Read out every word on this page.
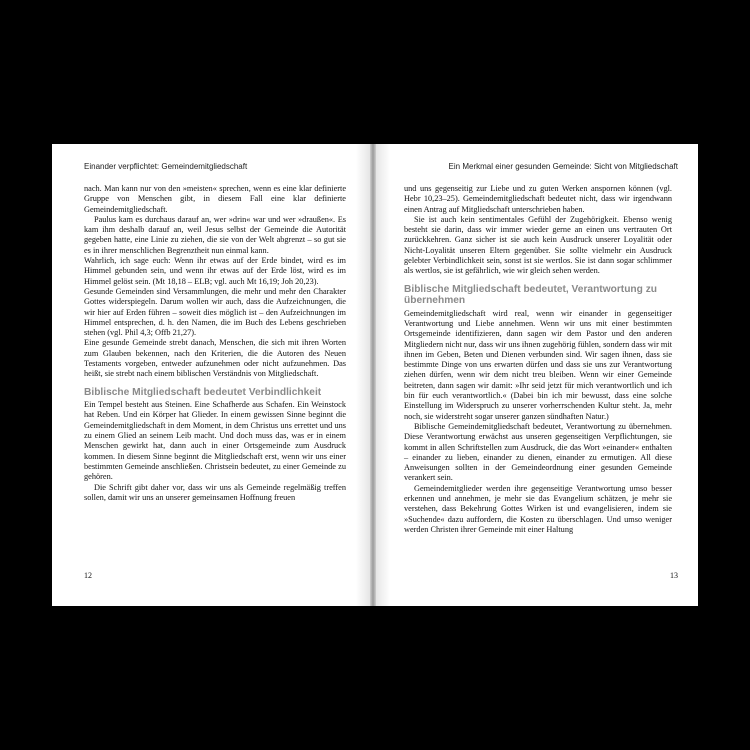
Einander verpflichtet: Gemeindemitgliedschaft

nach. Man kann nur von den »meisten« sprechen, wenn es eine klar definierte Gruppe von Menschen gibt, in diesem Fall eine klar definierte Gemeindemitgliedschaft.

Paulus kam es durchaus darauf an, wer »drin« war und wer »draußen«. Es kam ihm deshalb darauf an, weil Jesus selbst der Gemeinde die Autorität gegeben hatte, eine Linie zu ziehen, die sie von der Welt abgrenzt – so gut sie es in ihrer menschlichen Begrenztheit nun einmal kann.

Wahrlich, ich sage euch: Wenn ihr etwas auf der Erde bindet, wird es im Himmel gebunden sein, und wenn ihr etwas auf der Erde löst, wird es im Himmel gelöst sein. (Mt 18,18 – ELB; vgl. auch Mt 16,19; Joh 20,23).

Gesunde Gemeinden sind Versammlungen, die mehr und mehr den Charakter Gottes widerspiegeln. Darum wollen wir auch, dass die Aufzeichnungen, die wir hier auf Erden führen – soweit dies möglich ist – den Aufzeichnungen im Himmel entsprechen, d. h. den Namen, die im Buch des Lebens geschrieben stehen (vgl. Phil 4,3; Offb 21,27).

Eine gesunde Gemeinde strebt danach, Menschen, die sich mit ihren Worten zum Glauben bekennen, nach den Kriterien, die die Autoren des Neuen Testaments vorgeben, entweder aufzunehmen oder nicht aufzunehmen. Das heißt, sie strebt nach einem biblischen Verständnis von Mitgliedschaft.

Biblische Mitgliedschaft bedeutet Verbindlichkeit

Ein Tempel besteht aus Steinen. Eine Schafherde aus Schafen. Ein Weinstock hat Reben. Und ein Körper hat Glieder. In einem gewissen Sinne beginnt die Gemeindemitgliedschaft in dem Moment, in dem Christus uns errettet und uns zu einem Glied an seinem Leib macht. Und doch muss das, was er in einem Menschen gewirkt hat, dann auch in einer Ortsgemeinde zum Ausdruck kommen. In diesem Sinne beginnt die Mitgliedschaft erst, wenn wir uns einer bestimmten Gemeinde anschließen. Christsein bedeutet, zu einer Gemeinde zu gehören.

Die Schrift gibt daher vor, dass wir uns als Gemeinde regelmäßig treffen sollen, damit wir uns an unserer gemeinsamen Hoffnung freuen

12
Ein Merkmal einer gesunden Gemeinde: Sicht von Mitgliedschaft

und uns gegenseitig zur Liebe und zu guten Werken anspornen können (vgl. Hebr 10,23–25). Gemeindemitgliedschaft bedeutet nicht, dass wir irgendwann einen Antrag auf Mitgliedschaft unterschrieben haben.

Sie ist auch kein sentimentales Gefühl der Zugehörigkeit. Ebenso wenig besteht sie darin, dass wir immer wieder gerne an einen uns vertrauten Ort zurückkehren. Ganz sicher ist sie auch kein Ausdruck unserer Loyalität oder Nicht-Loyalität unseren Eltern gegenüber. Sie sollte vielmehr ein Ausdruck gelebter Verbindlichkeit sein, sonst ist sie wertlos. Sie ist dann sogar schlimmer als wertlos, sie ist gefährlich, wie wir gleich sehen werden.

Biblische Mitgliedschaft bedeutet, Verantwortung zu übernehmen

Gemeindemitgliedschaft wird real, wenn wir einander in gegenseitiger Verantwortung und Liebe annehmen. Wenn wir uns mit einer bestimmten Ortsgemeinde identifizieren, dann sagen wir dem Pastor und den anderen Mitgliedern nicht nur, dass wir uns ihnen zugehörig fühlen, sondern dass wir mit ihnen im Geben, Beten und Dienen verbunden sind. Wir sagen ihnen, dass sie bestimmte Dinge von uns erwarten dürfen und dass sie uns zur Verantwortung ziehen dürfen, wenn wir dem nicht treu bleiben. Wenn wir einer Gemeinde beitreten, dann sagen wir damit: »Ihr seid jetzt für mich verantwortlich und ich bin für euch verantwortlich.« (Dabei bin ich mir bewusst, dass eine solche Einstellung im Widerspruch zu unserer vorherrschenden Kultur steht. Ja, mehr noch, sie widerstreht sogar unserer ganzen sündhaften Natur.)

Biblische Gemeindemitgliedschaft bedeutet, Verantwortung zu übernehmen. Diese Verantwortung erwächst aus unseren gegenseitigen Verpflichtungen, sie kommt in allen Schriftstellen zum Ausdruck, die das Wort »einander« enthalten – einander zu lieben, einander zu dienen, einander zu ermutigen. All diese Anweisungen sollten in der Gemeindeordnung einer gesunden Gemeinde verankert sein.

Gemeindemitglieder werden ihre gegenseitige Verantwortung umso besser erkennen und annehmen, je mehr sie das Evangelium schätzen, je mehr sie verstehen, dass Bekehrung Gottes Wirken ist und evangelisieren, indem sie »Suchende« dazu auffordern, die Kosten zu überschlagen. Und umso weniger werden Christen ihrer Gemeinde mit einer Haltung

13
